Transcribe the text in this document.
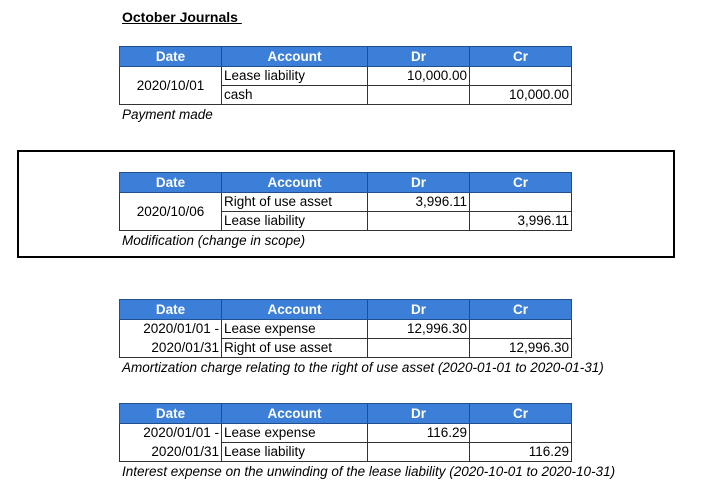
October Journals
Date	Account	Dr	Cr
2020/10/01	Lease liability	10,000.00	
	cash		10,000.00
Payment made
Date	Account	Dr	Cr
2020/10/06	Right of use asset	3,996.11	
	Lease liability		3,996.11
Modification (change in scope)
Date	Account	Dr	Cr
2020/01/01 -	Lease expense	12,996.30	
2020/01/31	Right of use asset		12,996.30
Amortization charge relating to the right of use asset (2020-01-01 to 2020-01-31)
Date	Account	Dr	Cr
2020/01/01 -	Lease expense	116.29	
2020/01/31	Lease liability		116.29
Interest expense on the unwinding of the lease liability (2020-10-01 to 2020-10-31)
